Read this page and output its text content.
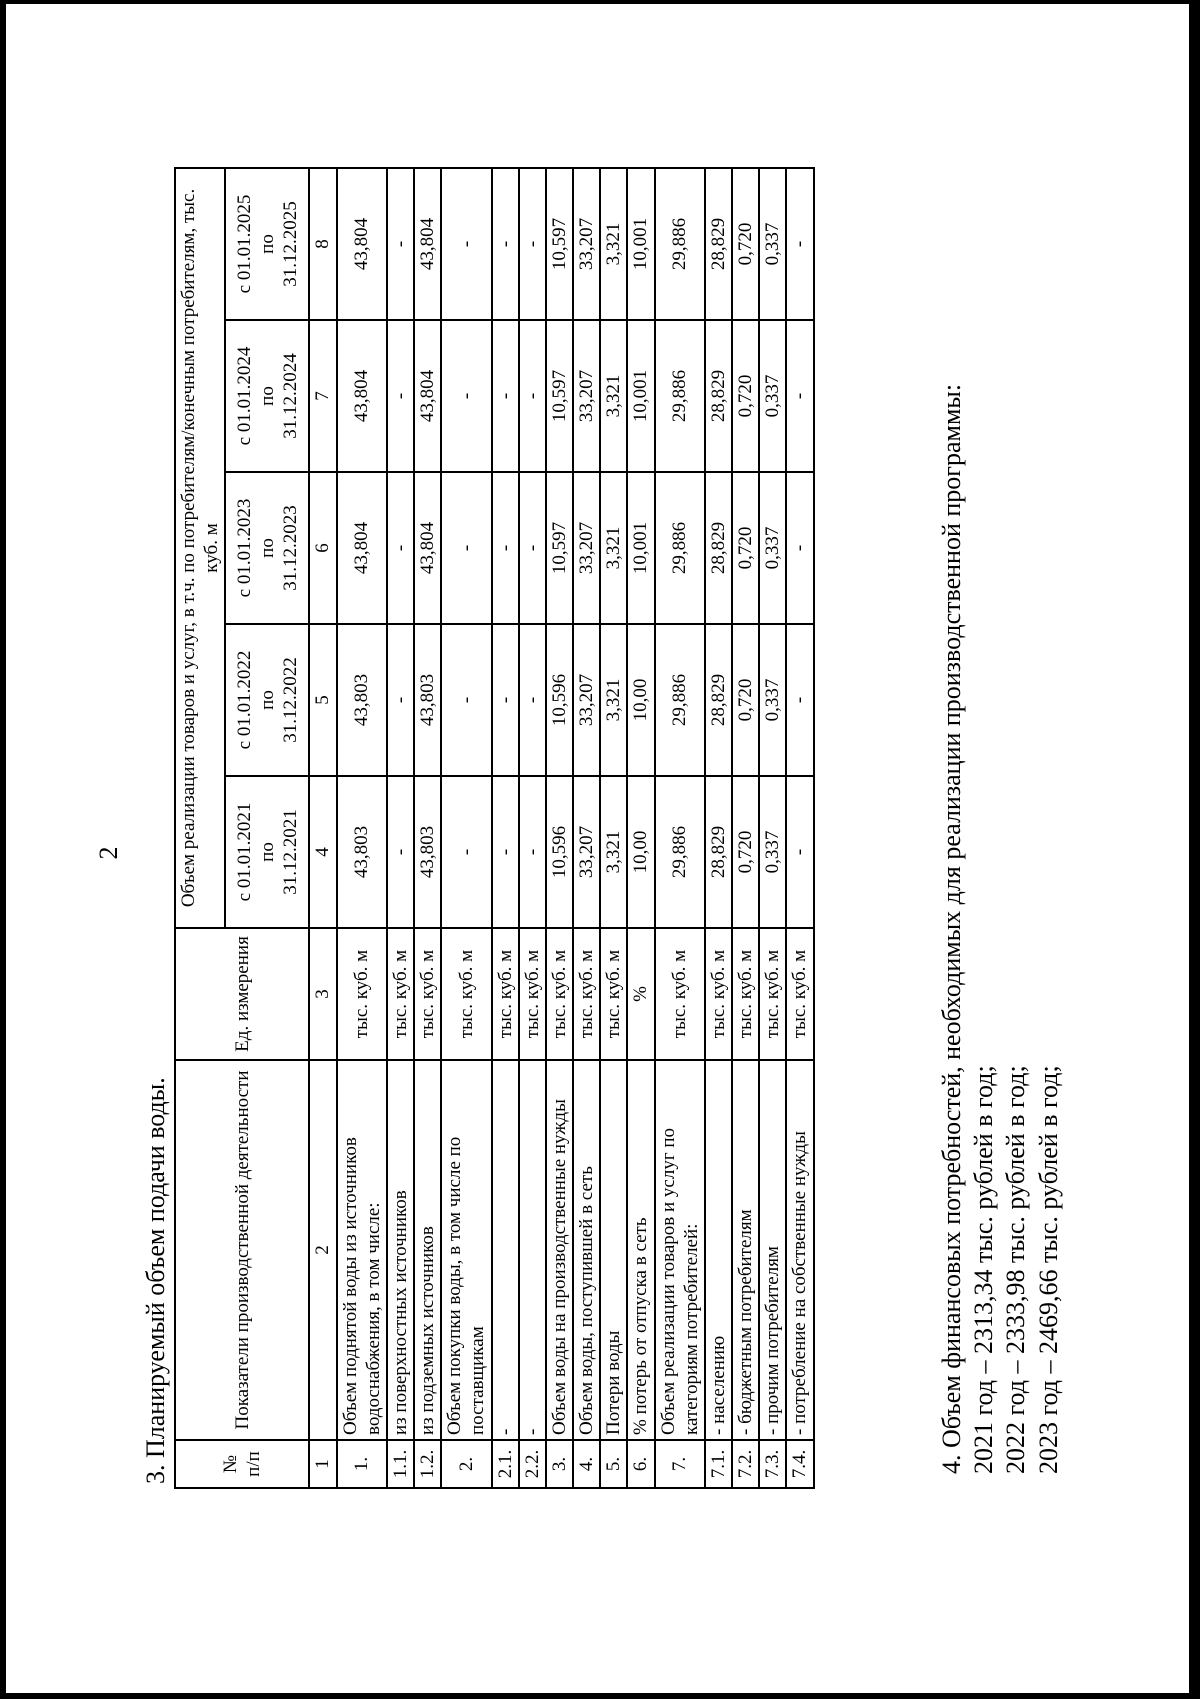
2
3. Планируемый объем подачи воды.	№ п/п	Показатели производственной деятельности	Ед. измерения	Объем реализации товаров и услуг, в т.ч. по потребителям/конечным потребителям, тыс. куб. м				

			с 01.01.2021 по 31.12.2021	с 01.01.2022 по 31.12.2022	с 01.01.2023 по 31.12.2023	с 01.01.2024 по 31.12.2024	с 01.01.2025 по 31.12.2025

1	2	3	4	5	6	7	8
1.	Объем поднятой воды из источников водоснабжения, в том числе:	тыс. куб. м	43,803	43,803	43,804	43,804	43,804
1.1.	из поверхностных источников	тыс. куб. м	-	-	-	-	-
1.2.	из подземных источников	тыс. куб. м	43,803	43,803	43,804	43,804	43,804
2.	Объем покупки воды, в том числе по поставщикам	тыс. куб. м	-	-	-	-	-
2.1.	-	тыс. куб. м	-	-	-	-	-
2.2.	-	тыс. куб. м	-	-	-	-	-
3.	Объем воды на производственные нужды	тыс. куб. м	10,596	10,596	10,597	10,597	10,597
4.	Объем воды, поступившей в сеть	тыс. куб. м	33,207	33,207	33,207	33,207	33,207
5.	Потери воды	тыс. куб. м	3,321	3,321	3,321	3,321	3,321
6.	% потерь от отпуска в сеть	%	10,00	10,00	10,001	10,001	10,001
7.	Объем реализации товаров и услуг по категориям потребителей:	тыс. куб. м	29,886	29,886	29,886	29,886	29,886
7.1.	- населению	тыс. куб. м	28,829	28,829	28,829	28,829	28,829
7.2.	- бюджетным потребителям	тыс. куб. м	0,720	0,720	0,720	0,720	0,720
7.3.	- прочим потребителям	тыс. куб. м	0,337	0,337	0,337	0,337	0,337
7.4.	- потребление на собственные нужды	тыс. куб. м	-	-	-	-	-
4. Объем финансовых потребностей, необходимых для реализации производственной программы: 2021 год – 2313,34 тыс. рублей в год; 2022 год – 2333,98 тыс. рублей в год; 2023 год – 2469,66 тыс. рублей в год;
